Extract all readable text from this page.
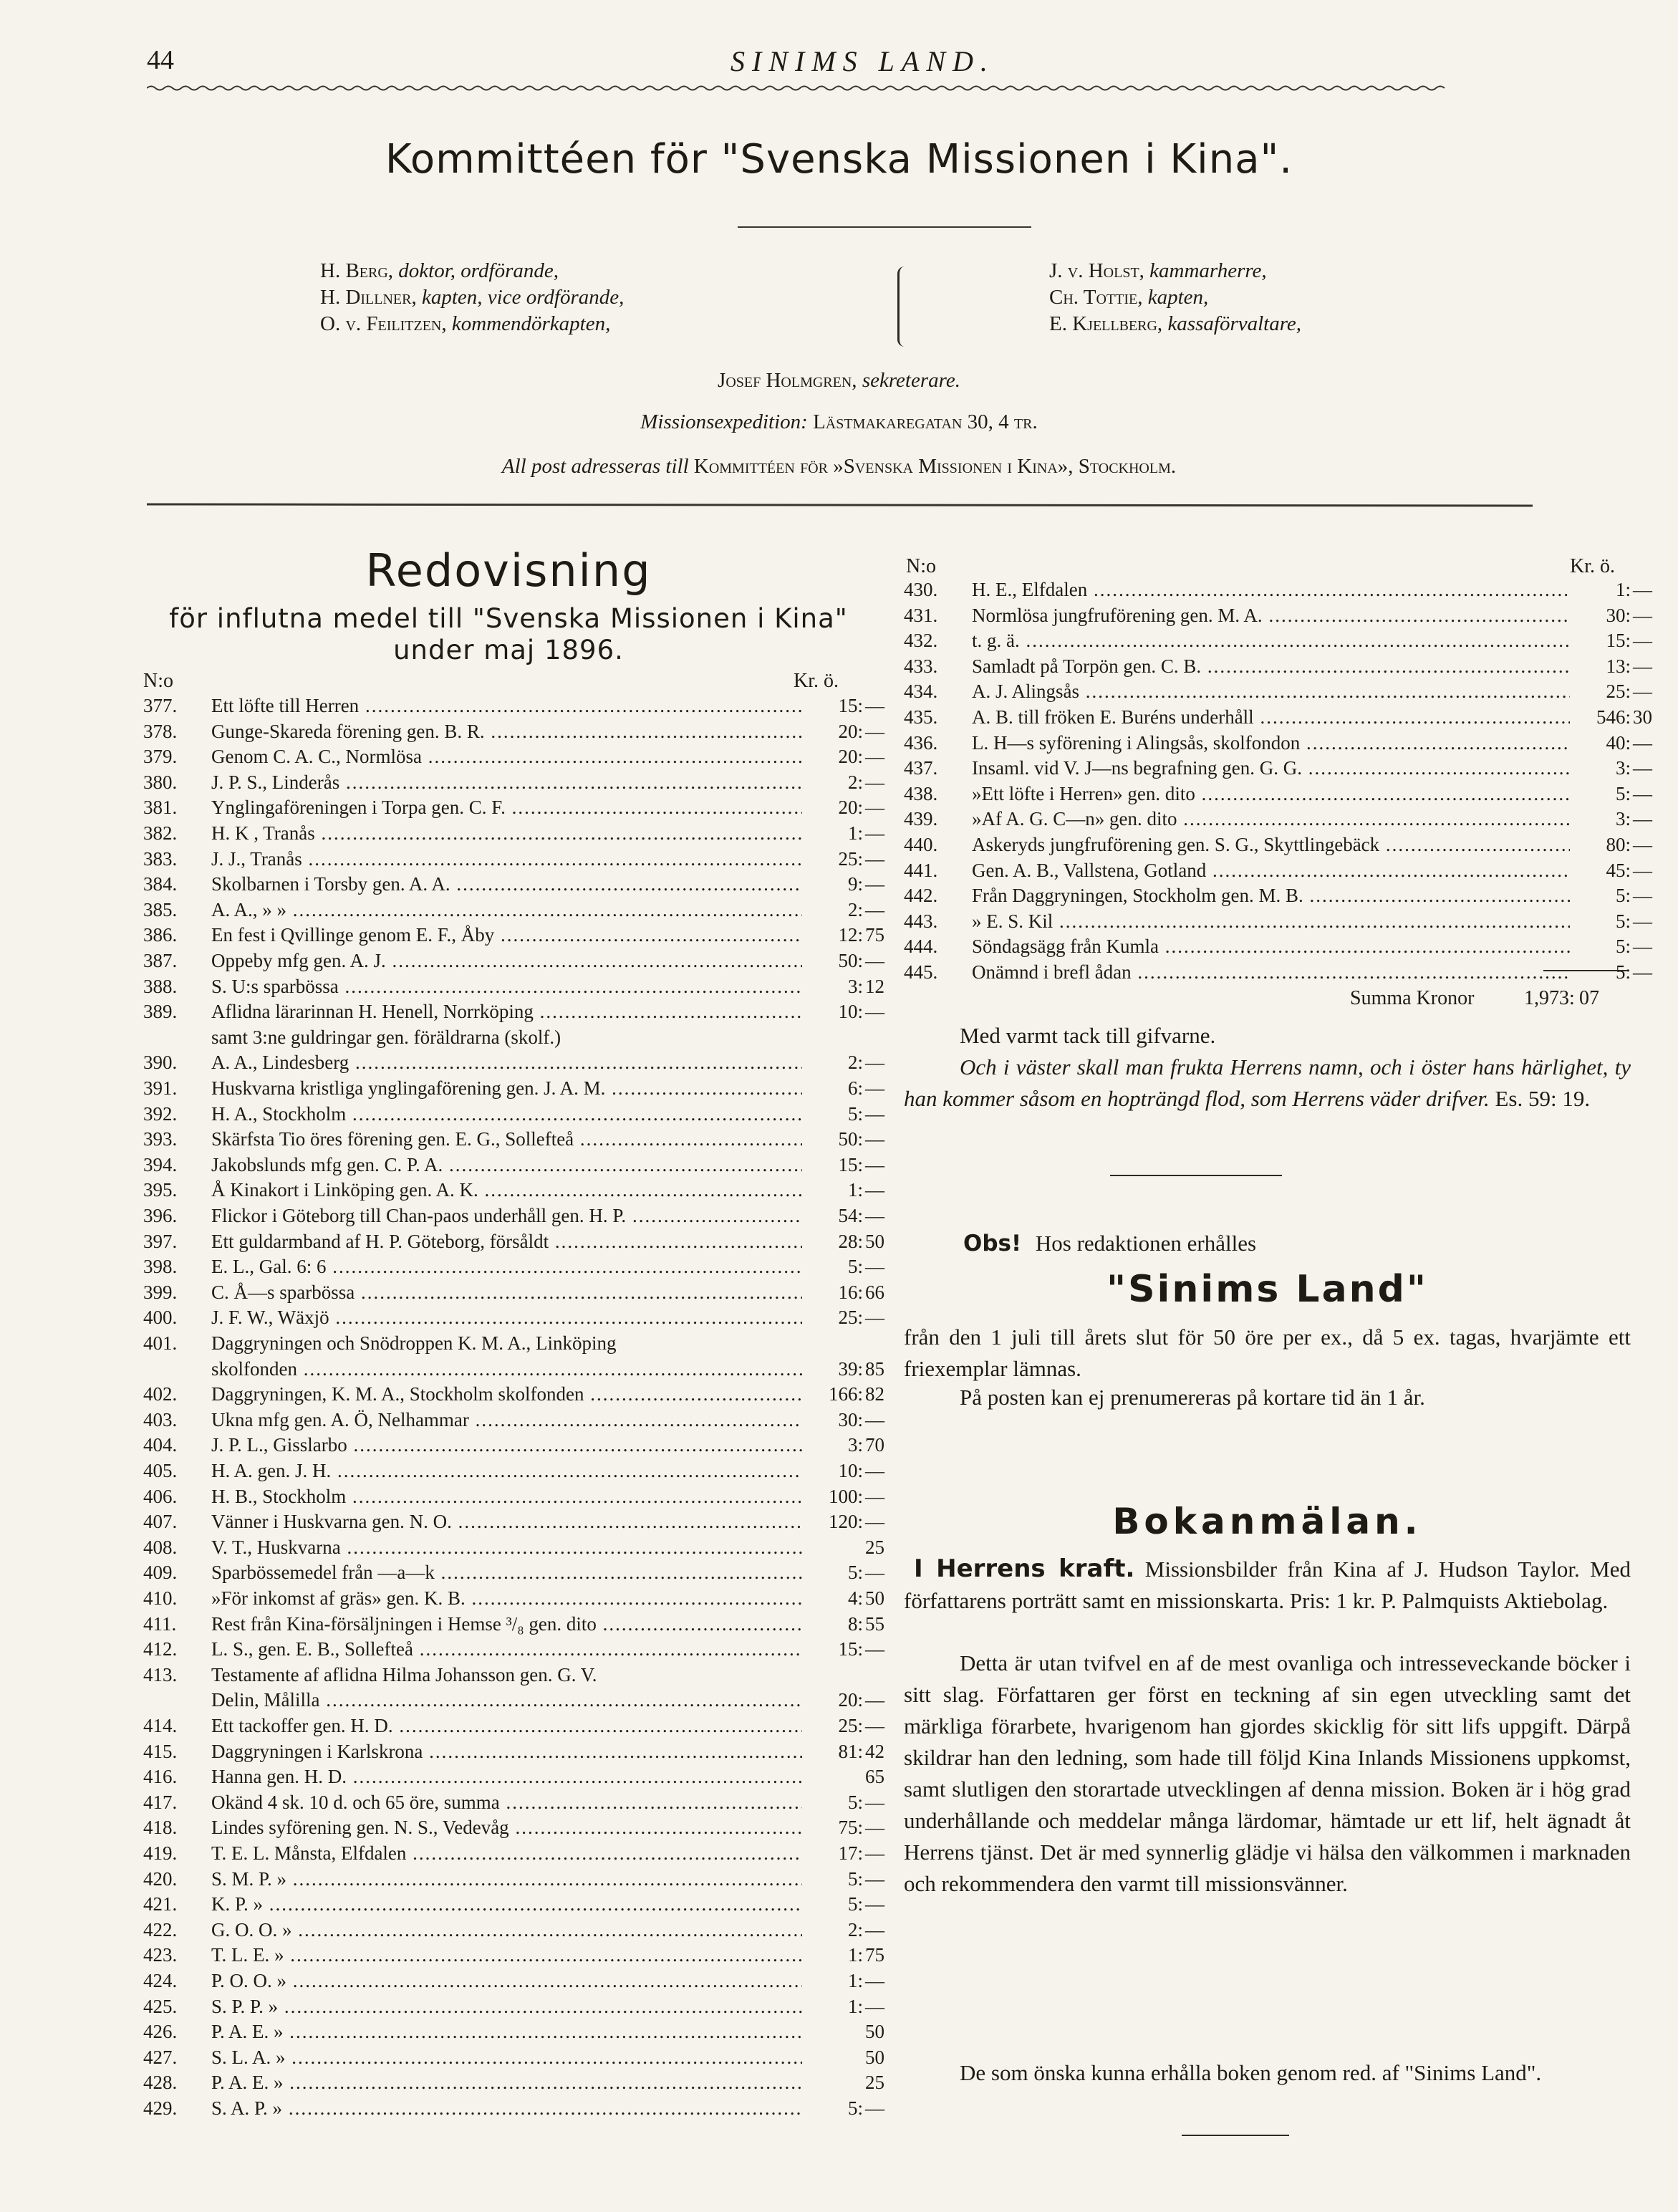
44	SINIMS LAND.
Kommittéen för "Svenska Missionen i Kina".
H. Berg, doktor, ordförande,
H. Dillner, kapten, vice ordförande,
O. v. Feilitzen, kommendörkapten,
J. v. Holst, kammarherre,
Ch. Tottie, kapten,
E. Kjellberg, kassaförvaltare,
Josef Holmgren, sekreterare.
Missionsexpedition: Lästmakaregatan 30, 4 tr.
All post adresseras till Kommittéen för »Svenska Missionen i Kina», Stockholm.
Redovisning
för influtna medel till "Svenska Missionen i Kina"
under maj 1896.
N:o	Kr. ö.
377. Ett löfte till Herren .....	15: —
378. Gunge-Skareda förening gen. B. R. .....	20: —
379. Genom C. A. C., Normlösa .....	20: —
380. J. P. S., Linderås .....	2: —
381. Ynglingaföreningen i Torpa gen. C. F. .....	20: —
382. H. K , Tranås .....	1: —
383. J. J., Tranås .....	25: —
384. Skolbarnen i Torsby gen. A. A. .....	9: —
385. A. A., » » .....	2: —
386. En fest i Qvillinge genom E. F., Åby .....	12: 75
387. Oppeby mfg gen. A. J. .....	50: —
388. S. U:s sparbössa .....	3: 12
389. Aflidna lärarinnan H. Henell, Norrköping .....	10: —
samt 3:ne guldringar gen. föräldrarna (skolf.)
390. A. A., Lindesberg .....	2: —
391. Huskvarna kristliga ynglingaförening gen. J. A. M. .....	6: —
392. H. A., Stockholm .....	5: —
393. Skärfsta Tio öres förening gen. E. G., Sollefteå .....	50: —
394. Jakobslunds mfg gen. C. P. A. .....	15: —
395. Å Kinakort i Linköping gen. A. K. .....	1: —
396. Flickor i Göteborg till Chan-paos underhåll gen. H. P. .....	54: —
397. Ett guldarmband af H. P. Göteborg, försåldt .....	28: 50
398. E. L., Gal. 6: 6 .....	5: —
399. C. Å—s sparbössa .....	16: 66
400. J. F. W., Wäxjö .....	25: —
401. Daggryningen och Snödroppen K. M. A., Linköping
skolfonden .....	39: 85
402. Daggryningen, K. M. A., Stockholm skolfonden .....	166: 82
403. Ukna mfg gen. A. Ö, Nelhammar .....	30: —
404. J. P. L., Gisslarbo .....	3: 70
405. H. A. gen. J. H. .....	10: —
406. H. B., Stockholm .....	100: —
407. Vänner i Huskvarna gen. N. O. .....	120: —
408. V. T., Huskvarna .....	25
409. Sparbössemedel från —a—k .....	5: —
410. »För inkomst af gräs» gen. K. B. .....	4: 50
411. Rest från Kina-försäljningen i Hemse ³/₈ gen. dito .....	8: 55
412. L. S., gen. E. B., Sollefteå .....	15: —
413. Testamente af aflidna Hilma Johansson gen. G. V.
Delin, Målilla .....	20: —
414. Ett tackoffer gen. H. D. .....	25: —
415. Daggryningen i Karlskrona .....	81: 42
416. Hanna gen. H. D. .....	65
417. Okänd 4 sk. 10 d. och 65 öre, summa .....	5: —
418. Lindes syförening gen. N. S., Vedevåg .....	75: —
419. T. E. L. Månsta, Elfdalen .....	17: —
420. S. M. P. » .....	5: —
421. K. P. » .....	5: —
422. G. O. O. » .....	2: —
423. T. L. E. » .....	1: 75
424. P. O. O. » .....	1: —
425. S. P. P. » .....	1: —
426. P. A. E. » .....	50
427. S. L. A. » .....	50
428. P. A. E. » .....	25
429. S. A. P. » .....	5: —
N:o	Kr. ö.
430. H. E., Elfdalen .....	1: —
431. Normlösa jungfruförening gen. M. A. .....	30: —
432. t. g. ä. .....	15: —
433. Samladt på Torpön gen. C. B. .....	13: —
434. A. J. Alingsås .....	25: —
435. A. B. till fröken E. Buréns underhåll .....	546: 30
436. L. H—s syförening i Alingsås, skolfondon .....	40: —
437. Insaml. vid V. J—ns begrafning gen. G. G. .....	3: —
438. »Ett löfte i Herren» gen. dito .....	5: —
439. »Af A. G. C—n» gen. dito .....	3: —
440. Askeryds jungfruförening gen. S. G., Skyttlingebäck .....	80: —
441. Gen. A. B., Vallstena, Gotland .....	45: —
442. Från Daggryningen, Stockholm gen. M. B. .....	5: —
443. » E. S. Kil .....	5: —
444. Söndagsägg från Kumla .....	5: —
445. Onämnd i brefl ådan .....	5: —
Summa Kronor 1,973: 07
Med varmt tack till gifvarne.
Och i väster skall man frukta Herrens namn, och i öster hans härlighet, ty han kommer såsom en hopträngd flod, som Herrens väder drifver. Es. 59: 19.
Obs! Hos redaktionen erhålles
"Sinims Land"
från den 1 juli till årets slut för 50 öre per ex., då 5 ex. tagas, hvarjämte ett friexemplar lämnas.
På posten kan ej prenumereras på kortare tid än 1 år.
Bokanmälan.
I Herrens kraft. Missionsbilder från Kina af J. Hudson Taylor. Med författarens porträtt samt en missionskarta. Pris: 1 kr. P. Palmquists Aktiebolag.
Detta är utan tvifvel en af de mest ovanliga och intresseveckande böcker i sitt slag. Författaren ger först en teckning af sin egen utveckling samt det märkliga förarbete, hvarigenom han gjordes skicklig för sitt lifs uppgift. Därpå skildrar han den ledning, som hade till följd Kina Inlands Missionens uppkomst, samt slutligen den storartade utvecklingen af denna mission. Boken är i hög grad underhållande och meddelar många lärdomar, hämtade ur ett lif, helt ägnadt åt Herrens tjänst. Det är med synnerlig glädje vi hälsa den välkommen i marknaden och rekommendera den varmt till missionsvänner.
De som önska kunna erhålla boken genom red. af "Sinims Land".
